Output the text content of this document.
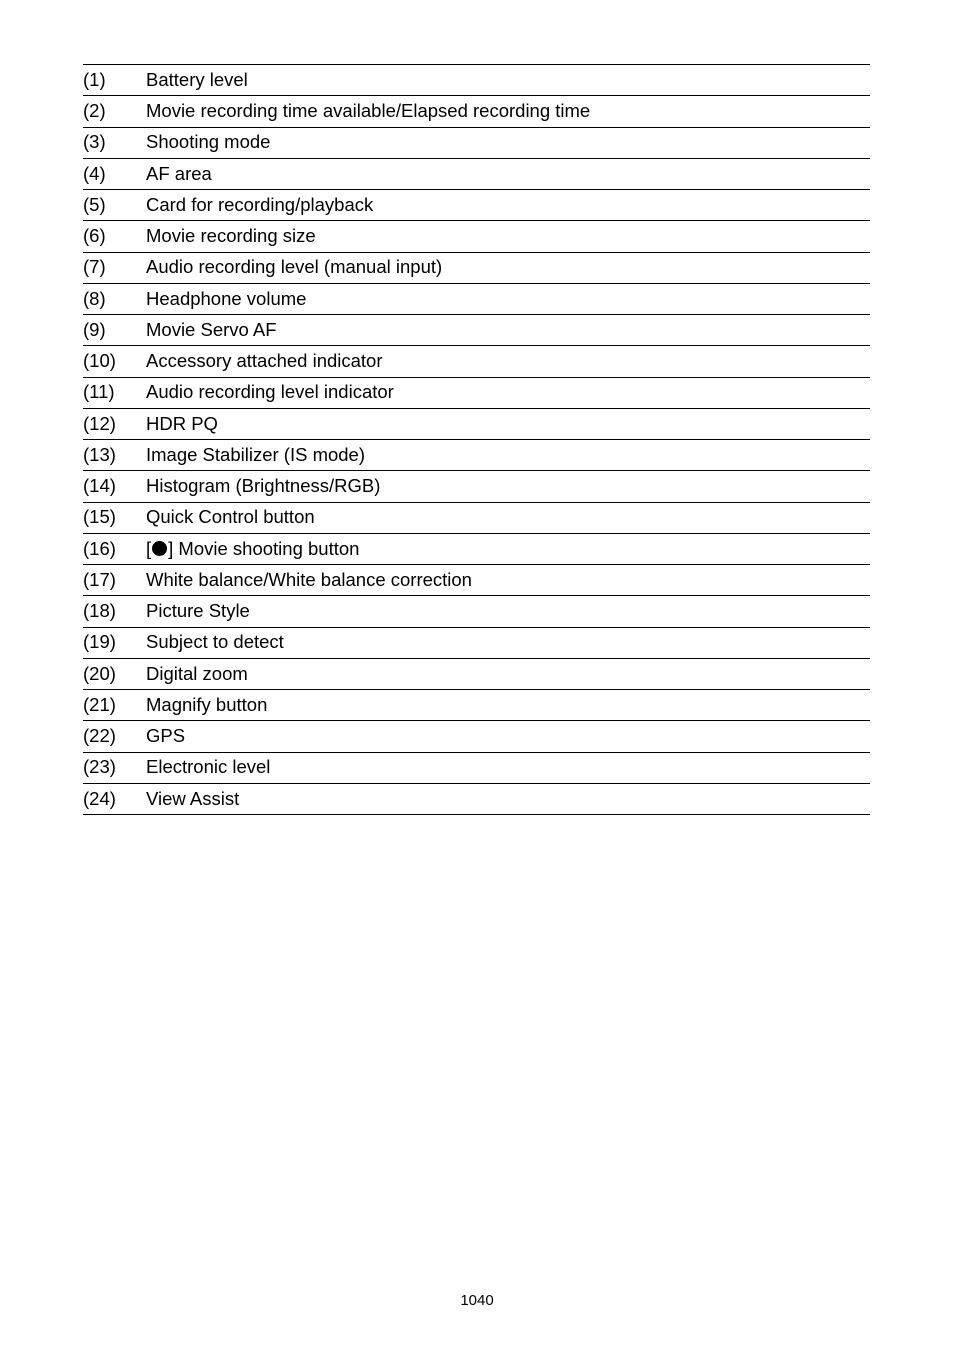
(1)	Battery level
(2)	Movie recording time available/Elapsed recording time
(3)	Shooting mode
(4)	AF area
(5)	Card for recording/playback
(6)	Movie recording size
(7)	Audio recording level (manual input)
(8)	Headphone volume
(9)	Movie Servo AF
(10)	Accessory attached indicator
(11)	Audio recording level indicator
(12)	HDR PQ
(13)	Image Stabilizer (IS mode)
(14)	Histogram (Brightness/RGB)
(15)	Quick Control button
(16)	[ ] Movie shooting button
(17)	White balance/White balance correction
(18)	Picture Style
(19)	Subject to detect
(20)	Digital zoom
(21)	Magnify button
(22)	GPS
(23)	Electronic level
(24)	View Assist
1040
